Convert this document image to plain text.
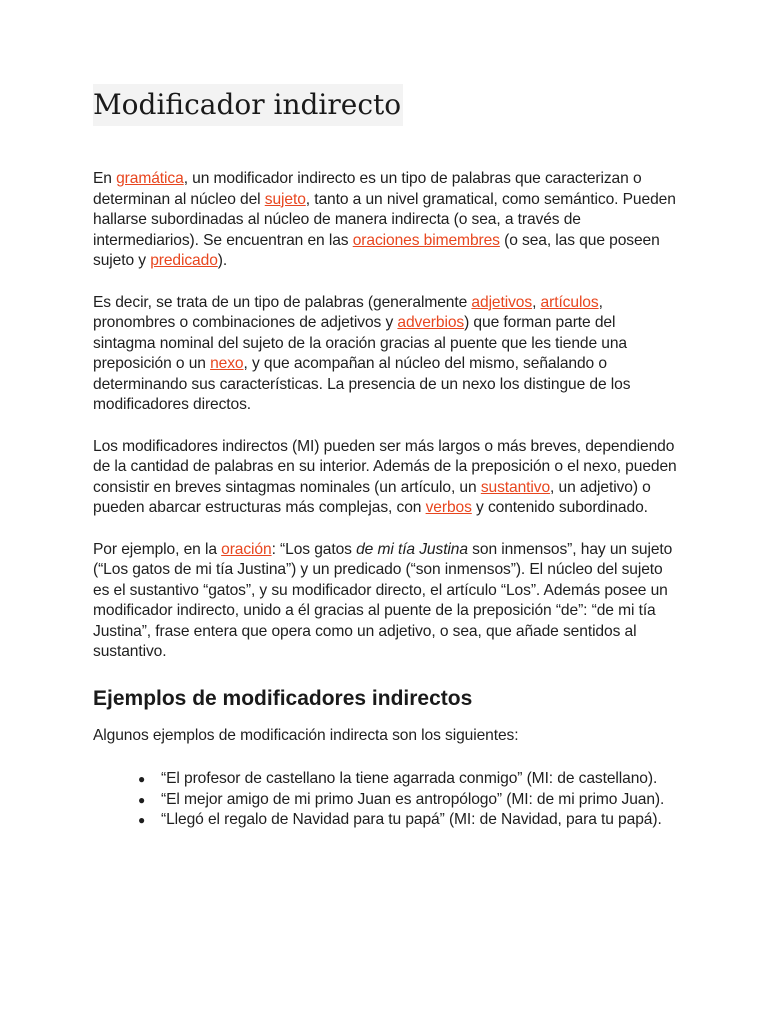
Modificador indirecto

En gramática, un modificador indirecto es un tipo de palabras que caracterizan o determinan al núcleo del sujeto, tanto a un nivel gramatical, como semántico. Pueden hallarse subordinadas al núcleo de manera indirecta (o sea, a través de intermediarios). Se encuentran en las oraciones bimembres (o sea, las que poseen sujeto y predicado).

Es decir, se trata de un tipo de palabras (generalmente adjetivos, artículos, pronombres o combinaciones de adjetivos y adverbios) que forman parte del sintagma nominal del sujeto de la oración gracias al puente que les tiende una preposición o un nexo, y que acompañan al núcleo del mismo, señalando o determinando sus características. La presencia de un nexo los distingue de los modificadores directos.

Los modificadores indirectos (MI) pueden ser más largos o más breves, dependiendo de la cantidad de palabras en su interior. Además de la preposición o el nexo, pueden consistir en breves sintagmas nominales (un artículo, un sustantivo, un adjetivo) o pueden abarcar estructuras más complejas, con verbos y contenido subordinado.

Por ejemplo, en la oración: “Los gatos de mi tía Justina son inmensos”, hay un sujeto (“Los gatos de mi tía Justina”) y un predicado (“son inmensos”). El núcleo del sujeto es el sustantivo “gatos”, y su modificador directo, el artículo “Los”. Además posee un modificador indirecto, unido a él gracias al puente de la preposición “de”: “de mi tía Justina”, frase entera que opera como un adjetivo, o sea, que añade sentidos al sustantivo.

Ejemplos de modificadores indirectos

Algunos ejemplos de modificación indirecta son los siguientes:

● “El profesor de castellano la tiene agarrada conmigo” (MI: de castellano).
● “El mejor amigo de mi primo Juan es antropólogo” (MI: de mi primo Juan).
● “Llegó el regalo de Navidad para tu papá” (MI: de Navidad, para tu papá).
